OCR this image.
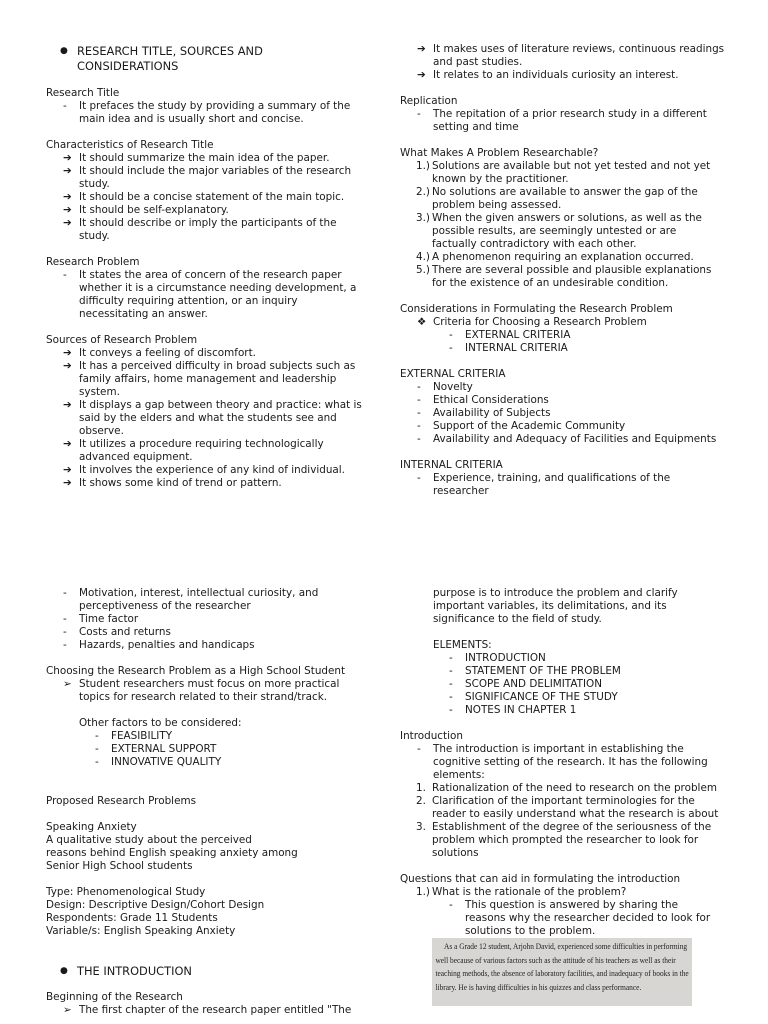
● RESEARCH TITLE, SOURCES AND
CONSIDERATIONS
Research Title
-	It prefaces the study by providing a summary of the
main idea and is usually short and concise.
Characteristics of Research Title
➔ It should summarize the main idea of the paper.
➔ It should include the major variables of the research
study.
➔ It should be a concise statement of the main topic.
➔ It should be self-explanatory.
➔ It should describe or imply the participants of the
study.
Research Problem
-	It states the area of concern of the research paper
whether it is a circumstance needing development, a
difficulty requiring attention, or an inquiry
necessitating an answer.
Sources of Research Problem
➔ It conveys a feeling of discomfort.
➔ It has a perceived difficulty in broad subjects such as
family affairs, home management and leadership
system.
➔ It displays a gap between theory and practice: what is
said by the elders and what the students see and
observe.
➔ It utilizes a procedure requiring technologically
advanced equipment.
➔ It involves the experience of any kind of individual.
➔ It shows some kind of trend or pattern.
➔ It makes uses of literature reviews, continuous readings
and past studies.
➔ It relates to an individuals curiosity an interest.
Replication
-	The repitation of a prior research study in a different
setting and time
What Makes A Problem Researchable?
1.) Solutions are available but not yet tested and not yet
known by the practitioner.
2.) No solutions are available to answer the gap of the
problem being assessed.
3.) When the given answers or solutions, as well as the
possible results, are seemingly untested or are
factually contradictory with each other.
4.) A phenomenon requiring an explanation occurred.
5.) There are several possible and plausible explanations
for the existence of an undesirable condition.
Considerations in Formulating the Research Problem
❖ Criteria for Choosing a Research Problem
-	EXTERNAL CRITERIA
-	INTERNAL CRITERIA
EXTERNAL CRITERIA
-	Novelty
-	Ethical Considerations
-	Availability of Subjects
-	Support of the Academic Community
-	Availability and Adequacy of Facilities and Equipments
INTERNAL CRITERIA
-	Experience, training, and qualifications of the
researcher
-	Motivation, interest, intellectual curiosity, and
perceptiveness of the researcher
-	Time factor
-	Costs and returns
-	Hazards, penalties and handicaps
Choosing the Research Problem as a High School Student
➢ Student researchers must focus on more practical
topics for research related to their strand/track.
Other factors to be considered:
-	FEASIBILITY
-	EXTERNAL SUPPORT
-	INNOVATIVE QUALITY
Proposed Research Problems
Speaking Anxiety
A qualitative study about the perceived
reasons behind English speaking anxiety among
Senior High School students
Type: Phenomenological Study
Design: Descriptive Design/Cohort Design
Respondents: Grade 11 Students
Variable/s: English Speaking Anxiety
● THE INTRODUCTION
Beginning of the Research
➢ The first chapter of the research paper entitled "The
purpose is to introduce the problem and clarify
important variables, its delimitations, and its
significance to the field of study.
ELEMENTS:
-	INTRODUCTION
-	STATEMENT OF THE PROBLEM
-	SCOPE AND DELIMITATION
-	SIGNIFICANCE OF THE STUDY
-	NOTES IN CHAPTER 1
Introduction
-	The introduction is important in establishing the
cognitive setting of the research. It has the following
elements:
1. Rationalization of the need to research on the problem
2. Clarification of the important terminologies for the
reader to easily understand what the research is about
3. Establishment of the degree of the seriousness of the
problem which prompted the researcher to look for
solutions
Questions that can aid in formulating the introduction
1.) What is the rationale of the problem?
-	This question is answered by sharing the
reasons why the researcher decided to look for
solutions to the problem.
As a Grade 12 student, Arjohn David, experienced some difficulties in performing
well because of various factors such as the attitude of his teachers as well as their
teaching methods, the absence of laboratory facilities, and inadequacy of books in the
library. He is having difficulties in his quizzes and class performance.
